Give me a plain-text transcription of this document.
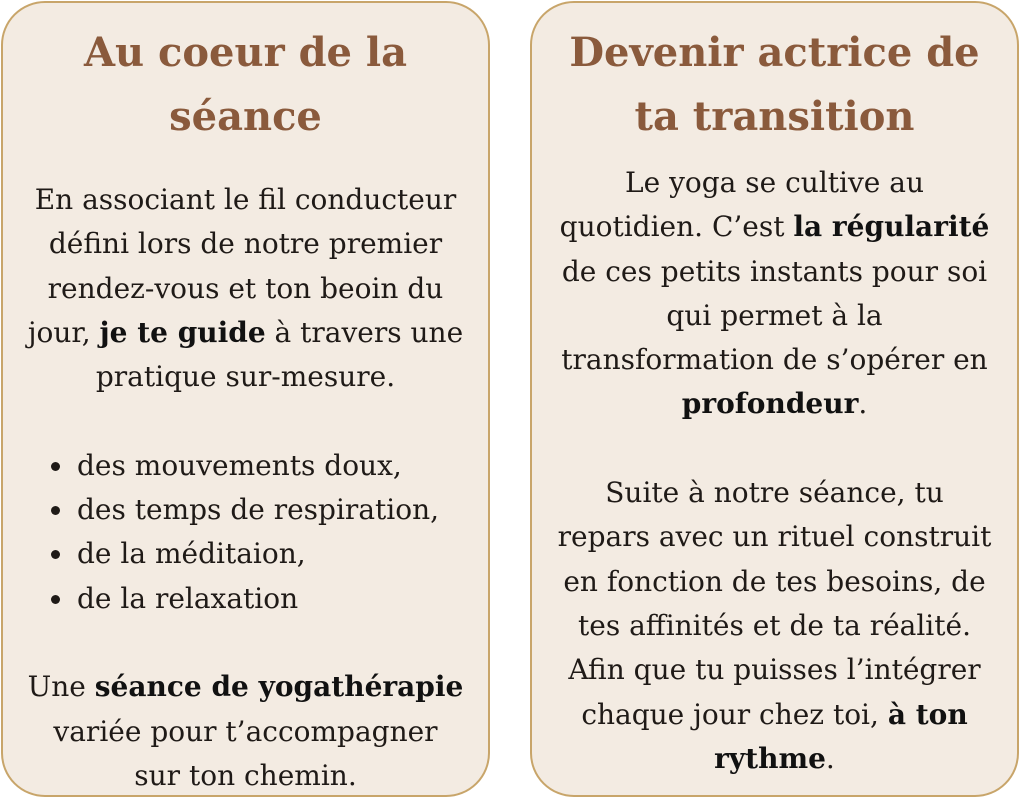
Au coeur de la
séance

En associant le fil conducteur
défini lors de notre premier
rendez-vous et ton beoin du
jour, je te guide à travers une
pratique sur-mesure.

des mouvements doux,
des temps de respiration,
de la méditaion,
de la relaxation

Une séance de yogathérapie
variée pour t’accompagner
sur ton chemin.

Devenir actrice de
ta transition

Le yoga se cultive au
quotidien. C’est la régularité
de ces petits instants pour soi
qui permet à la
transformation de s’opérer en
profondeur.

Suite à notre séance, tu
repars avec un rituel construit
en fonction de tes besoins, de
tes affinités et de ta réalité.
Afin que tu puisses l’intégrer
chaque jour chez toi, à ton
rythme.
